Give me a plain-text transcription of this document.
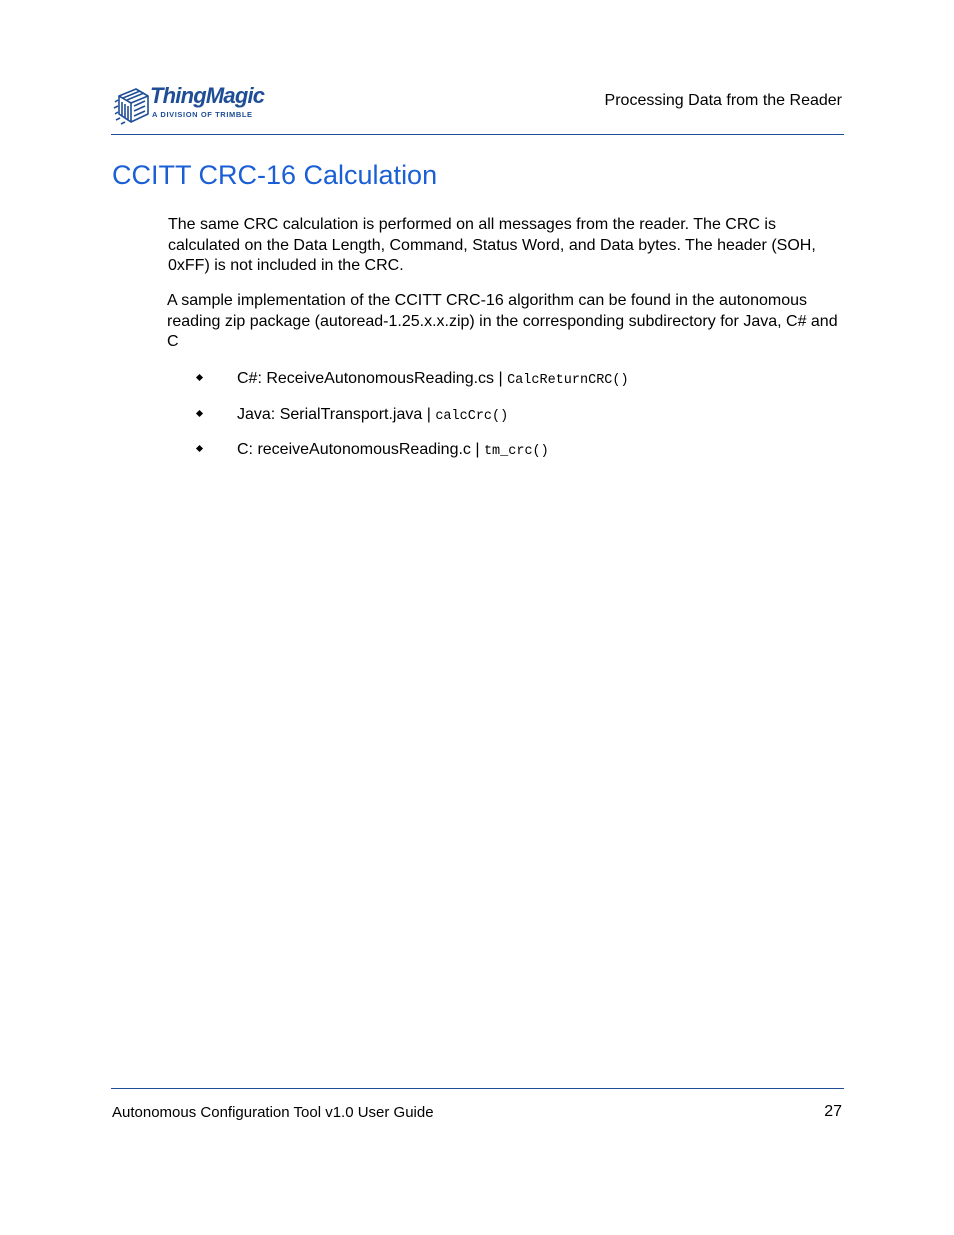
ThingMagic
A DIVISION OF TRIMBLE
Processing Data from the Reader
CCITT CRC-16 Calculation

The same CRC calculation is performed on all messages from the reader. The CRC is calculated on the Data Length, Command, Status Word, and Data bytes. The header (SOH, 0xFF) is not included in the CRC.

A sample implementation of the CCITT CRC-16 algorithm can be found in the autonomous reading zip package (autoread-1.25.x.x.zip) in the corresponding subdirectory for Java, C# and C

C#: ReceiveAutonomousReading.cs | CalcReturnCRC()
Java: SerialTransport.java | calcCrc()
C: receiveAutonomousReading.c | tm_crc()
Autonomous Configuration Tool v1.0 User Guide	27
